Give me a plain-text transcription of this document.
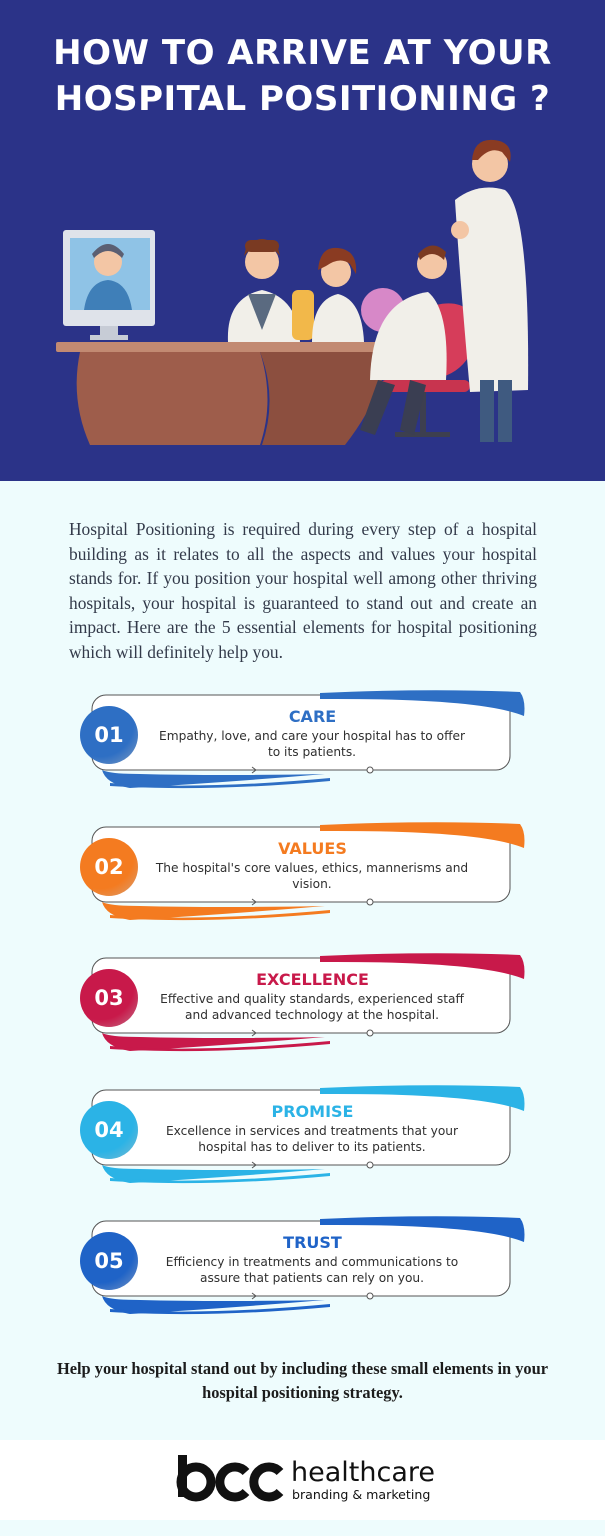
HOW TO ARRIVE AT YOUR
HOSPITAL POSITIONING ?

Hospital Positioning is required during every step of a hospital building as it relates to all the aspects and values your hospital stands for. If you position your hospital well among other thriving hospitals, your hospital is guaranteed to stand out and create an impact. Here are the 5 essential elements for hospital positioning which will definitely help you.

01
CARE
Empathy, love, and care your hospital has to offer to its patients.
02
VALUES
The hospital's core values, ethics, mannerisms and vision.
03
EXCELLENCE
Effective and quality standards, experienced staff and advanced technology at the hospital.
04
PROMISE
Excellence in services and treatments that your hospital has to deliver to its patients.
05
TRUST
Efficiency in treatments and communications to assure that patients can rely on you.

Help your hospital stand out by including these small elements in your hospital positioning strategy.

healthcare
branding & marketing
